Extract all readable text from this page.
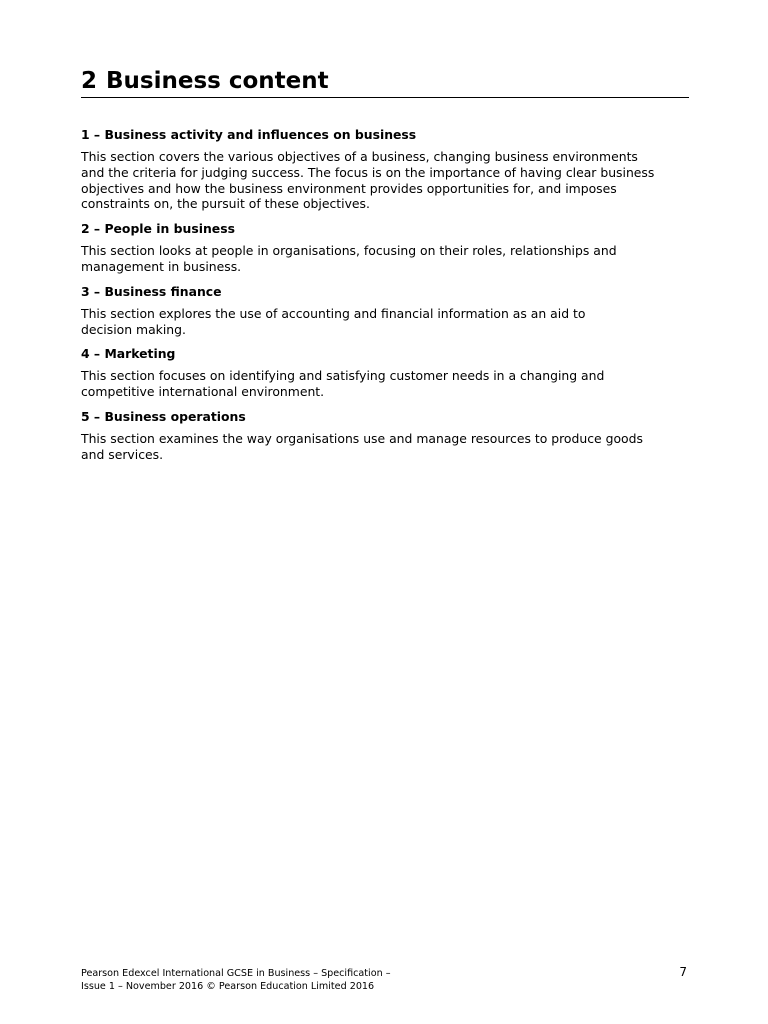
2 Business content
1 – Business activity and influences on business
This section covers the various objectives of a business, changing business environments
and the criteria for judging success. The focus is on the importance of having clear business
objectives and how the business environment provides opportunities for, and imposes
constraints on, the pursuit of these objectives.
2 – People in business
This section looks at people in organisations, focusing on their roles, relationships and
management in business.
3 – Business finance
This section explores the use of accounting and financial information as an aid to
decision making.
4 – Marketing
This section focuses on identifying and satisfying customer needs in a changing and
competitive international environment.
5 – Business operations
This section examines the way organisations use and manage resources to produce goods
and services.
Pearson Edexcel International GCSE in Business – Specification –
Issue 1 – November 2016 © Pearson Education Limited 2016
7
